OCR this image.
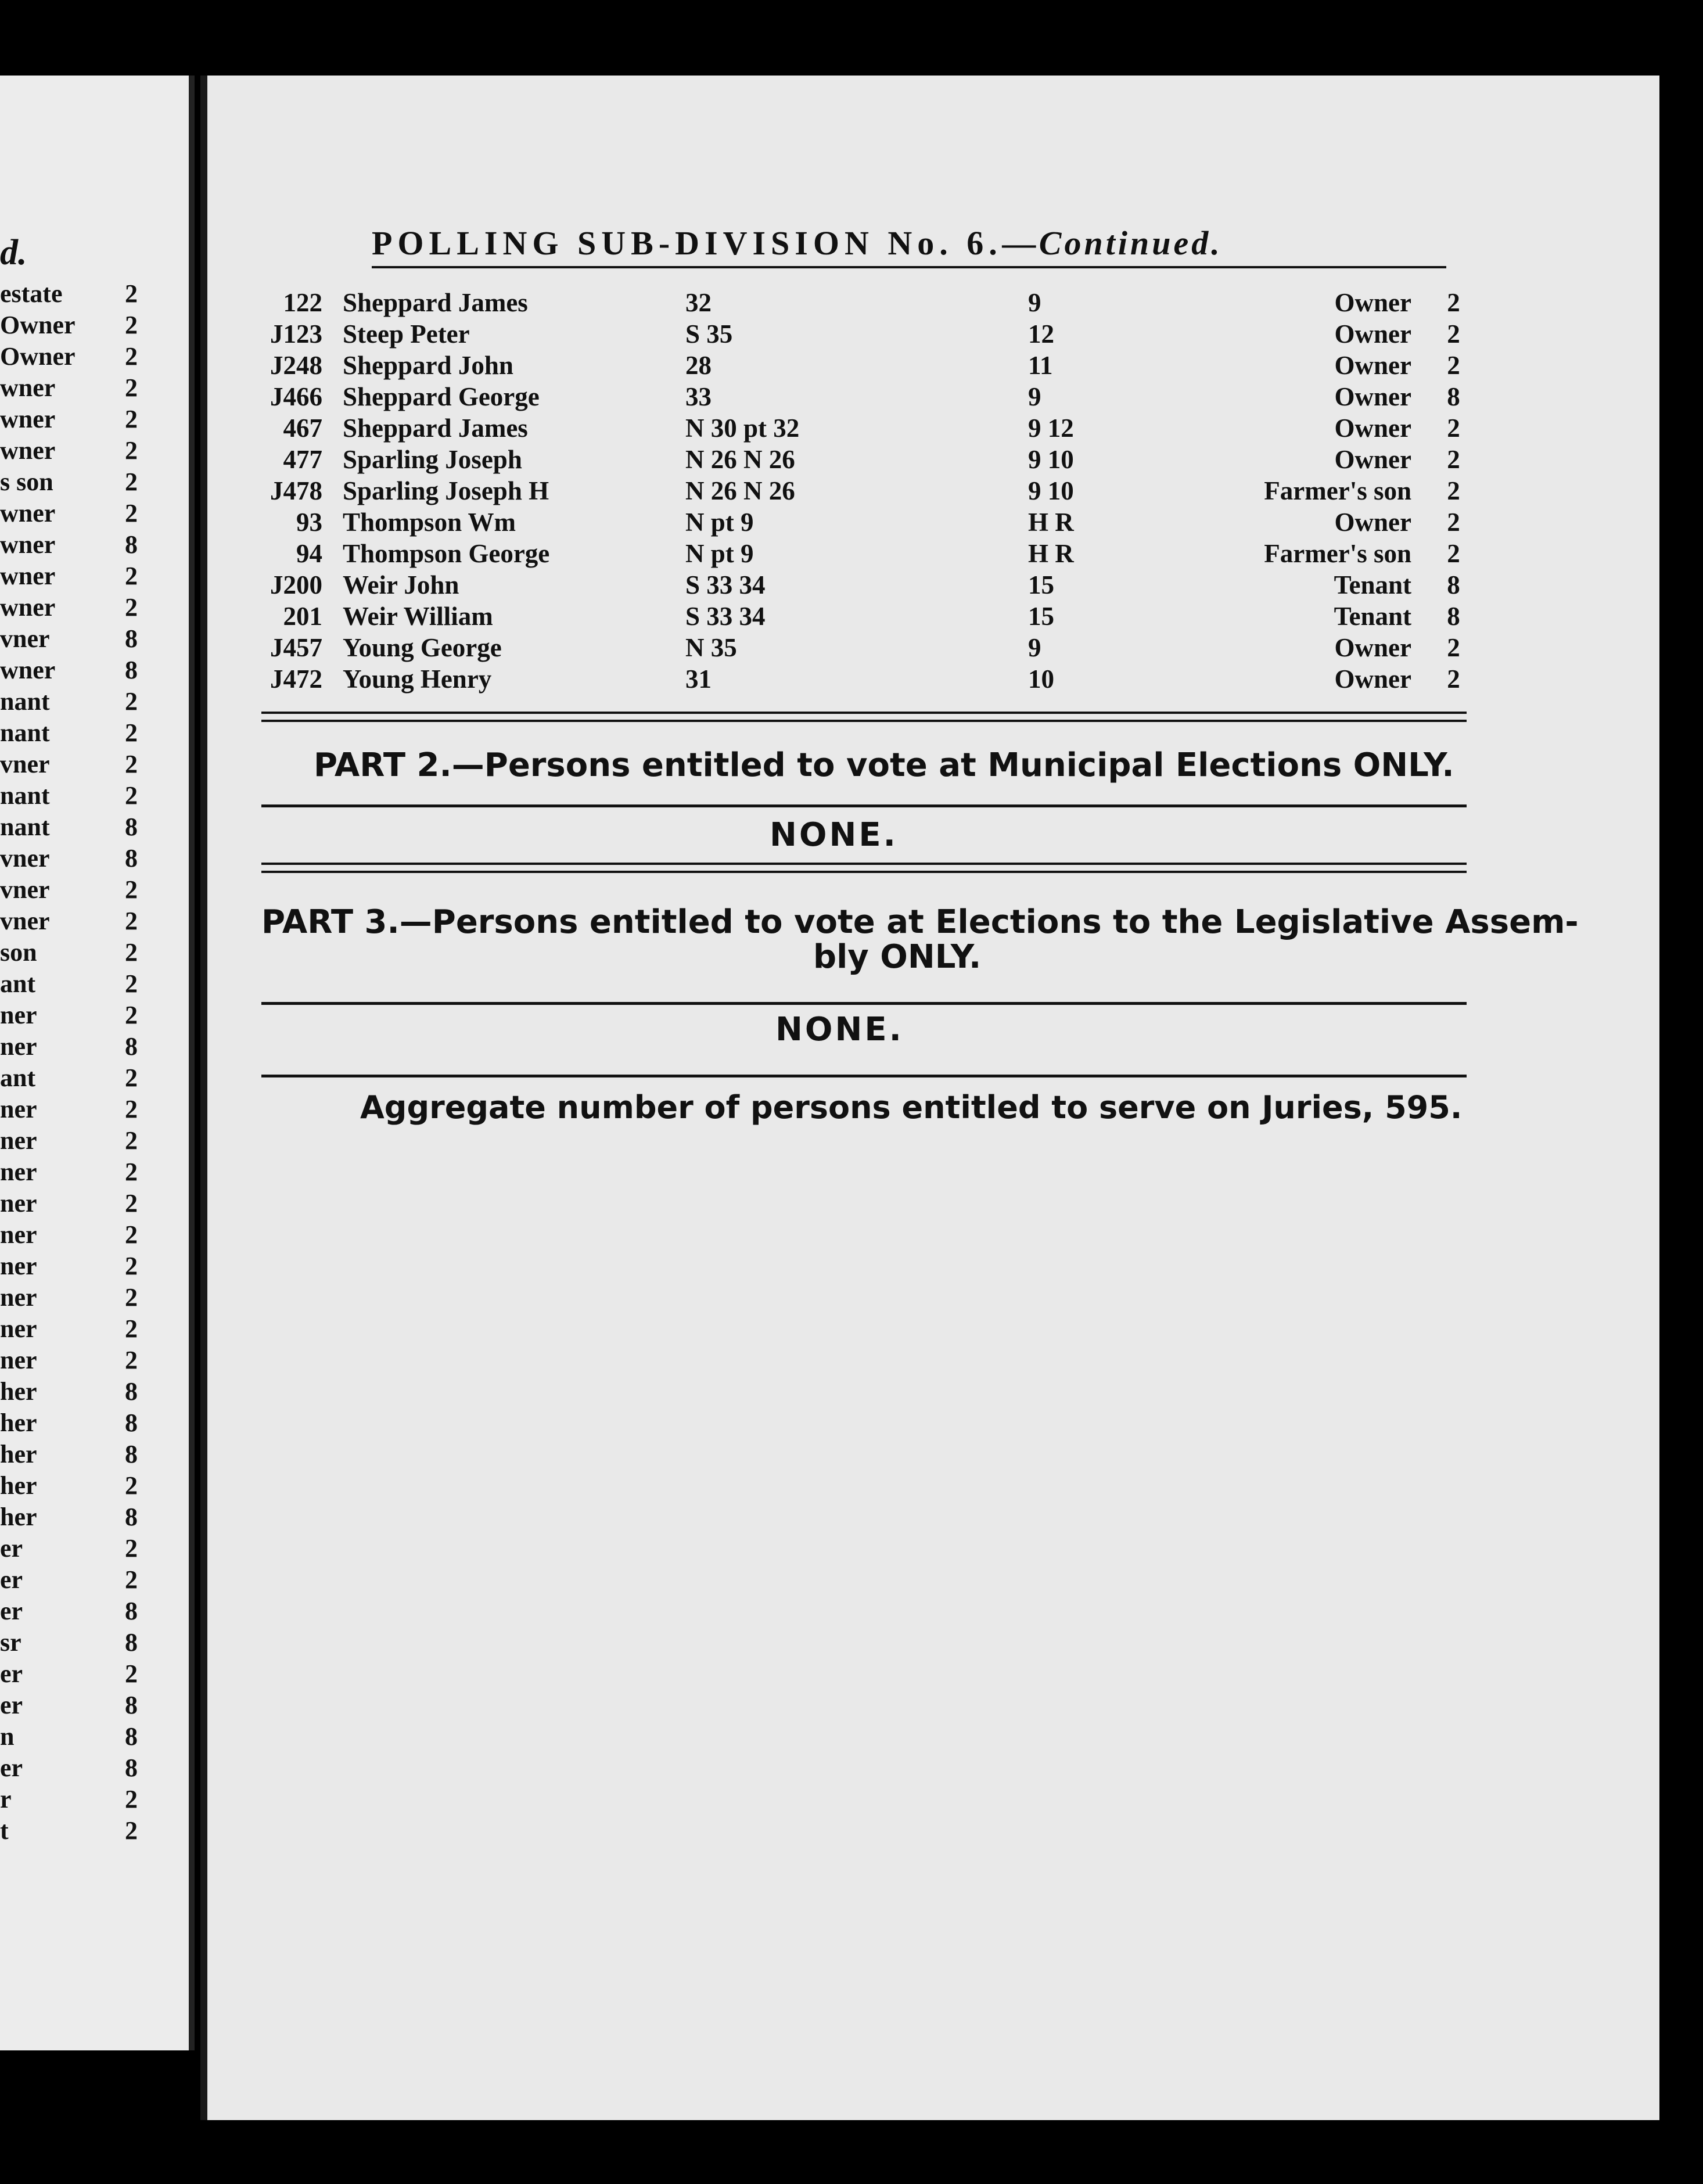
d.
estate 2
Owner 2
Owner 2
wner	2
wner	2
wner	2
s son	2
wner	2
wner	8
wner	2
wner	2
vner	8
wner	8
nant	2
nant	2
vner	2
nant	2
nant	8
vner	8
vner	2
vner	2
son	2
ant	2
ner	2
ner	8
ant	2
ner	2
ner	2
ner	2
ner	2
ner	2
ner	2
ner	2
ner	2
ner	2
her	8
her	8
her	8
her	2
her	8
er	2
er	2
er	8
sr	8
er	2
er	8
n	8
er	8
r	2
t	2
POLLING SUB-DIVISION No. 6.—Continued.
122 Sheppard James	32	9	Owner	2
J123 Steep Peter	S 35	12	Owner	2
J248 Sheppard John	28	11	Owner	2
J466 Sheppard George	33	9	Owner	8
467 Sheppard James	N 30 pt 32	9 12	Owner	2
477 Sparling Joseph	N 26 N 26	9 10	Owner	2
J478 Sparling Joseph H	N 26 N 26	9 10	Farmer's son	2
93 Thompson Wm	N pt 9	H R	Owner	2
94 Thompson George	N pt 9	H R	Farmer's son	2
J200 Weir John	S 33 34	15	Tenant	8
201 Weir William	S 33 34	15	Tenant	8
J457 Young George	N 35	9	Owner	2
J472 Young Henry	31	10	Owner	2
PART 2.—Persons entitled to vote at Municipal Elections ONLY.
NONE.
PART 3.—Persons entitled to vote at Elections to the Legislative Assem-
bly ONLY.
NONE.
Aggregate number of persons entitled to serve on Juries, 595.
